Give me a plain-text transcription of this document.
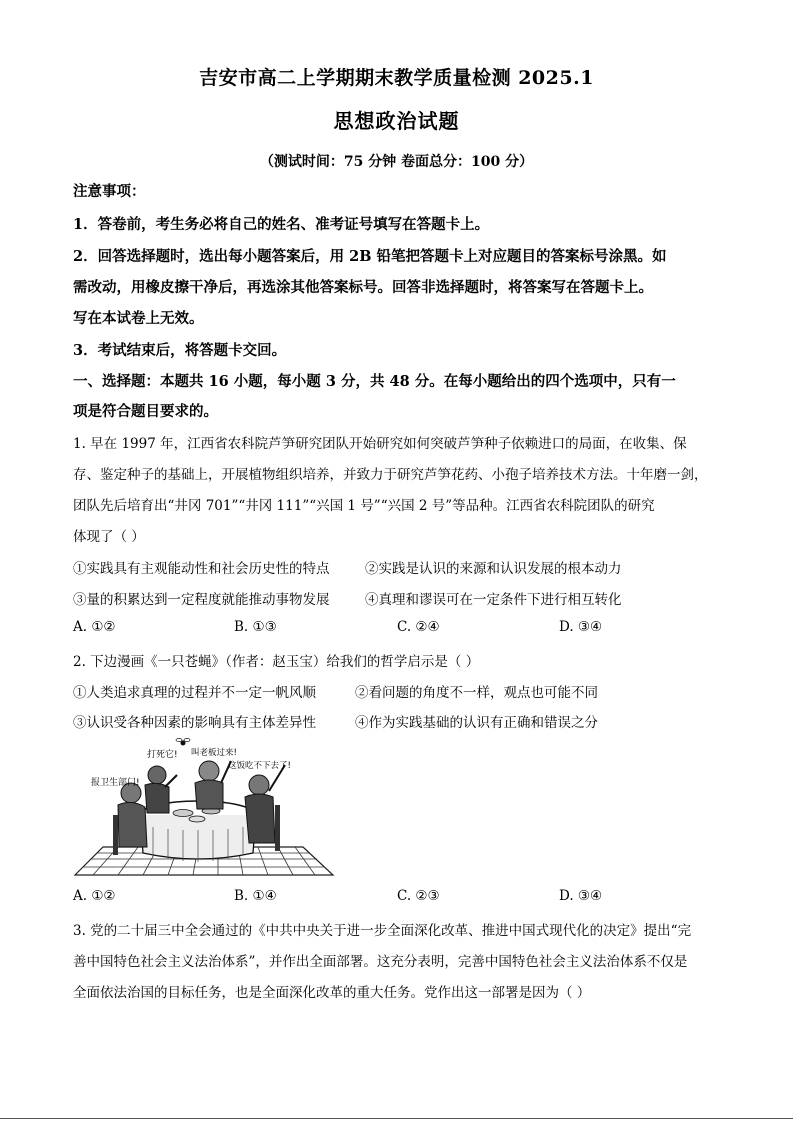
吉安市高二上学期期末教学质量检测 2025.1
思想政治试题
（测试时间：75 分钟 卷面总分：100 分）
注意事项：
1．答卷前，考生务必将自己的姓名、准考证号填写在答题卡上。
2．回答选择题时，选出每小题答案后，用 2B 铅笔把答题卡上对应题目的答案标号涂黑。如
需改动，用橡皮擦干净后，再选涂其他答案标号。回答非选择题时，将答案写在答题卡上。
写在本试卷上无效。
3．考试结束后，将答题卡交回。
一、选择题：本题共 16 小题，每小题 3 分，共 48 分。在每小题给出的四个选项中，只有一
项是符合题目要求的。
1. 早在 1997 年，江西省农科院芦笋研究团队开始研究如何突破芦笋种子依赖进口的局面，在收集、保
存、鉴定种子的基础上，开展植物组织培养，并致力于研究芦笋花药、小孢子培养技术方法。十年磨一剑，
团队先后培育出“井冈 701”“井冈 111”“兴国 1 号”“兴国 2 号”等品种。江西省农科院团队的研究
体现了（ ）
①实践具有主观能动性和社会历史性的特点	②实践是认识的来源和认识发展的根本动力
③量的积累达到一定程度就能推动事物发展	④真理和谬误可在一定条件下进行相互转化
A. ①②	B. ①③	C. ②④	D. ③④
2. 下边漫画《一只苍蝇》（作者：赵玉宝）给我们的哲学启示是（ ）
①人类追求真理的过程并不一定一帆风顺	②看问题的角度不一样，观点也可能不同
③认识受各种因素的影响具有主体差异性	④作为实践基础的认识有正确和错误之分
打死它! 叫老板过来!
这饭吃不下去了!
报卫生部门!
A. ①②	B. ①④	C. ②③	D. ③④
3. 党的二十届三中全会通过的《中共中央关于进一步全面深化改革、推进中国式现代化的决定》提出“完
善中国特色社会主义法治体系”，并作出全面部署。这充分表明，完善中国特色社会主义法治体系不仅是
全面依法治国的目标任务，也是全面深化改革的重大任务。党作出这一部署是因为（ ）
